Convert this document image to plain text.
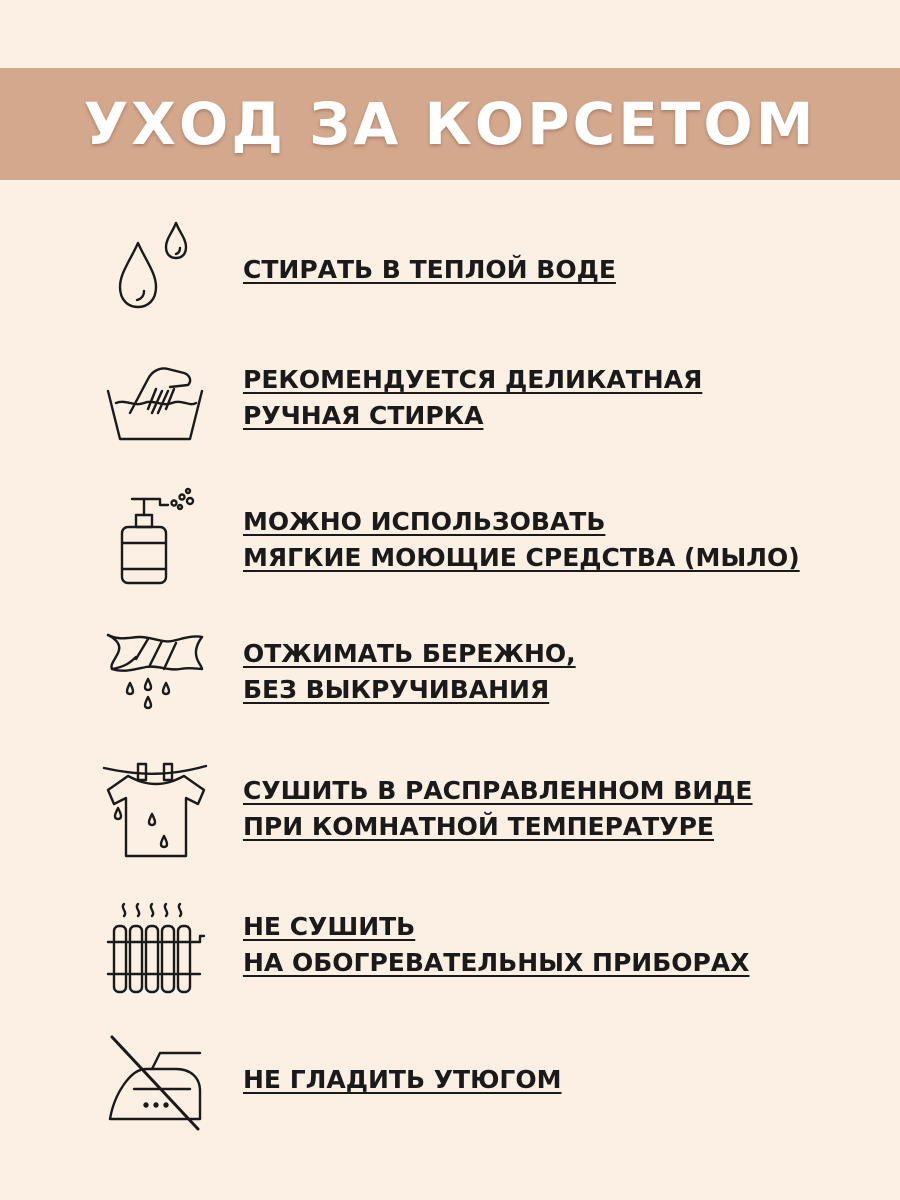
УХОД ЗА КОРСЕТОМ
СТИРАТЬ В ТЕПЛОЙ ВОДЕ
РЕКОМЕНДУЕТСЯ ДЕЛИКАТНАЯ
РУЧНАЯ СТИРКА
МОЖНО ИСПОЛЬЗОВАТЬ
МЯГКИЕ МОЮЩИЕ СРЕДСТВА (МЫЛО)
ОТЖИМАТЬ БЕРЕЖНО,
БЕЗ ВЫКРУЧИВАНИЯ
СУШИТЬ В РАСПРАВЛЕННОМ ВИДЕ
ПРИ КОМНАТНОЙ ТЕМПЕРАТУРЕ
НЕ СУШИТЬ
НА ОБОГРЕВАТЕЛЬНЫХ ПРИБОРАХ
НЕ ГЛАДИТЬ УТЮГОМ
